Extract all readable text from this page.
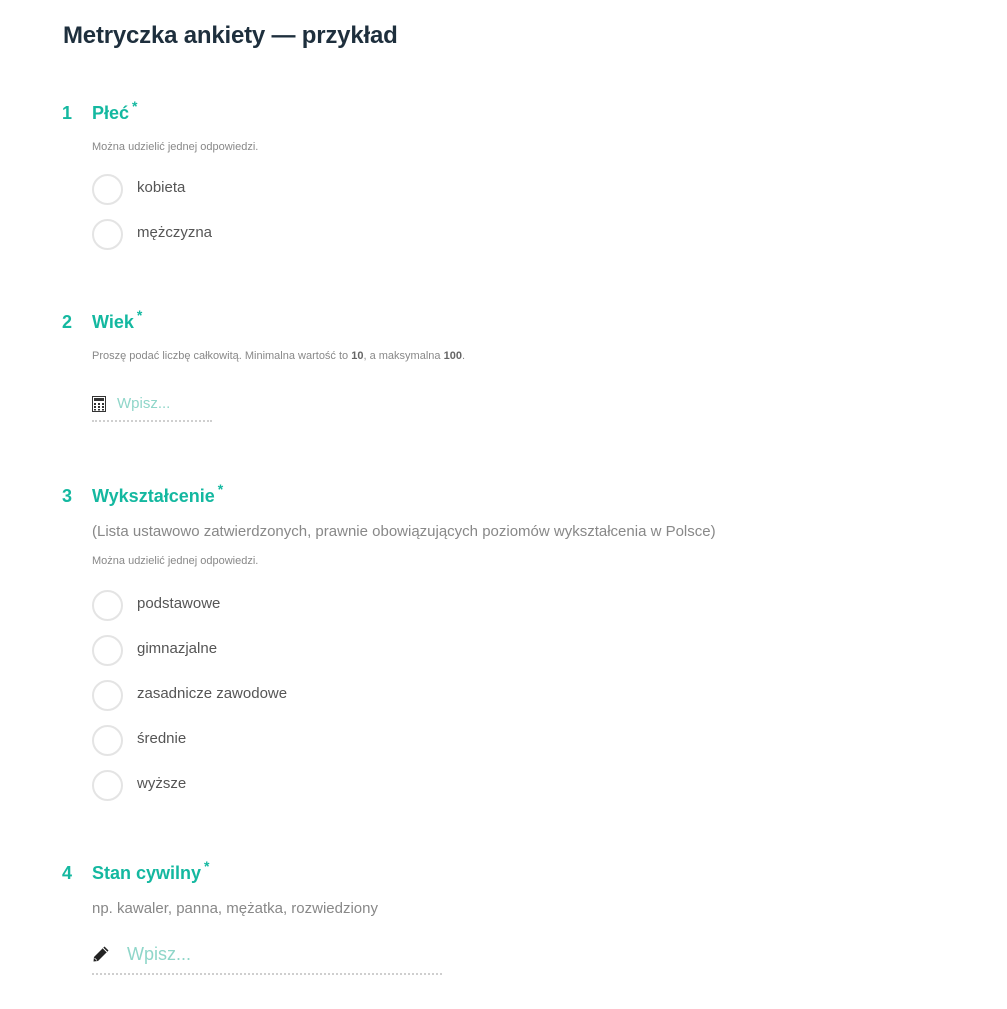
Metryczka ankiety — przykład
1 Płeć *
Można udzielić jednej odpowiedzi.
kobieta
mężczyzna
2 Wiek *
Proszę podać liczbę całkowitą. Minimalna wartość to 10, a maksymalna 100.
Wpisz...
3 Wykształcenie *
(Lista ustawowo zatwierdzonych, prawnie obowiązujących poziomów wykształcenia w Polsce)
Można udzielić jednej odpowiedzi.
podstawowe
gimnazjalne
zasadnicze zawodowe
średnie
wyższe
4 Stan cywilny *
np. kawaler, panna, mężatka, rozwiedziony
Wpisz...
